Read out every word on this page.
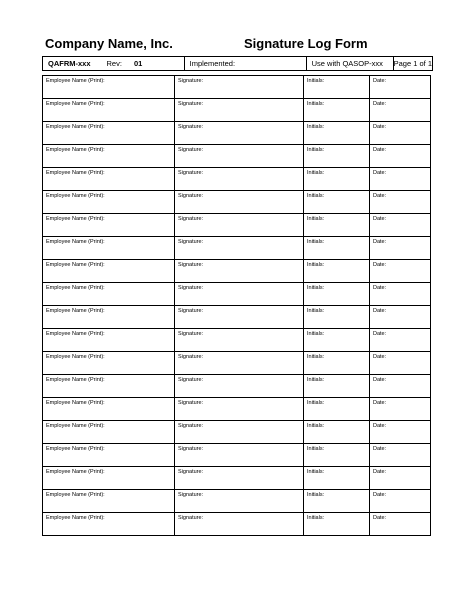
Company Name, Inc.	Signature Log Form
QAFRM-xxx Rev: 01	Implemented:	Use with QASOP-xxx Page 1 of 1
Employee Name (Print):	Signature:	Initials:	Date:
Employee Name (Print):	Signature:	Initials:	Date:
Employee Name (Print):	Signature:	Initials:	Date:
Employee Name (Print):	Signature:	Initials:	Date:
Employee Name (Print):	Signature:	Initials:	Date:
Employee Name (Print):	Signature:	Initials:	Date:
Employee Name (Print):	Signature:	Initials:	Date:
Employee Name (Print):	Signature:	Initials:	Date:
Employee Name (Print):	Signature:	Initials:	Date:
Employee Name (Print):	Signature:	Initials:	Date:
Employee Name (Print):	Signature:	Initials:	Date:
Employee Name (Print):	Signature:	Initials:	Date:
Employee Name (Print):	Signature:	Initials:	Date:
Employee Name (Print):	Signature:	Initials:	Date:
Employee Name (Print):	Signature:	Initials:	Date:
Employee Name (Print):	Signature:	Initials:	Date:
Employee Name (Print):	Signature:	Initials:	Date:
Employee Name (Print):	Signature:	Initials:	Date:
Employee Name (Print):	Signature:	Initials:	Date:
Employee Name (Print):	Signature:	Initials:	Date:
